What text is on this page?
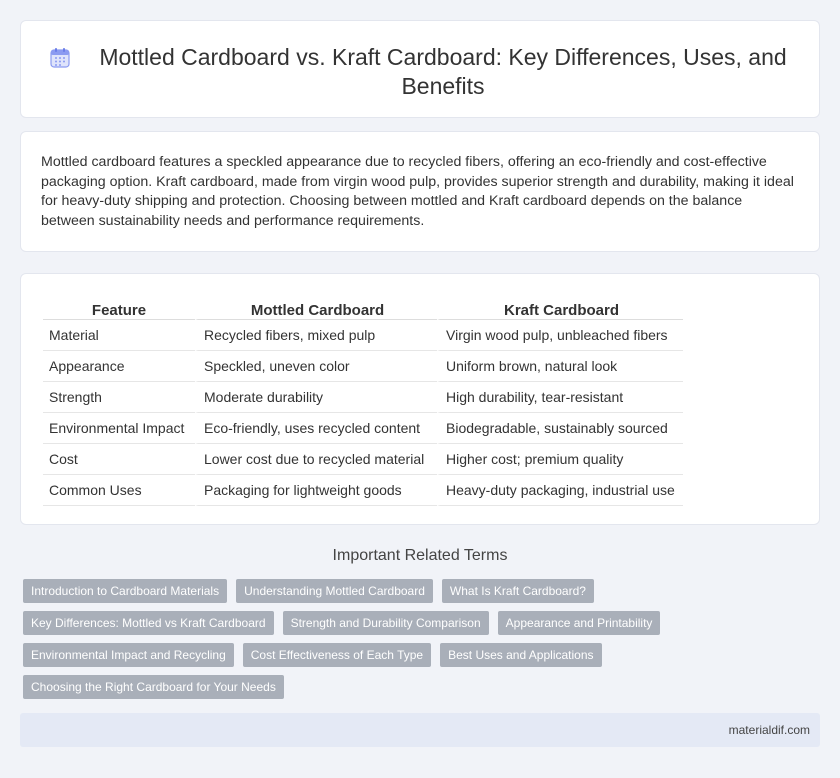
Mottled Cardboard vs. Kraft Cardboard: Key Differences, Uses, and Benefits

Mottled cardboard features a speckled appearance due to recycled fibers, offering an eco-friendly and cost-effective packaging option. Kraft cardboard, made from virgin wood pulp, provides superior strength and durability, making it ideal for heavy-duty shipping and protection. Choosing between mottled and Kraft cardboard depends on the balance between sustainability needs and performance requirements.

Feature	Mottled Cardboard	Kraft Cardboard
Material	Recycled fibers, mixed pulp	Virgin wood pulp, unbleached fibers
Appearance	Speckled, uneven color	Uniform brown, natural look
Strength	Moderate durability	High durability, tear-resistant
Environmental Impact	Eco-friendly, uses recycled content	Biodegradable, sustainably sourced
Cost	Lower cost due to recycled material	Higher cost; premium quality
Common Uses	Packaging for lightweight goods	Heavy-duty packaging, industrial use
Important Related Terms
Introduction to Cardboard Materials	Understanding Mottled Cardboard	What Is Kraft Cardboard?
Key Differences: Mottled vs Kraft Cardboard	Strength and Durability Comparison	Appearance and Printability
Environmental Impact and Recycling	Cost Effectiveness of Each Type	Best Uses and Applications
Choosing the Right Cardboard for Your Needs
materialdif.com
